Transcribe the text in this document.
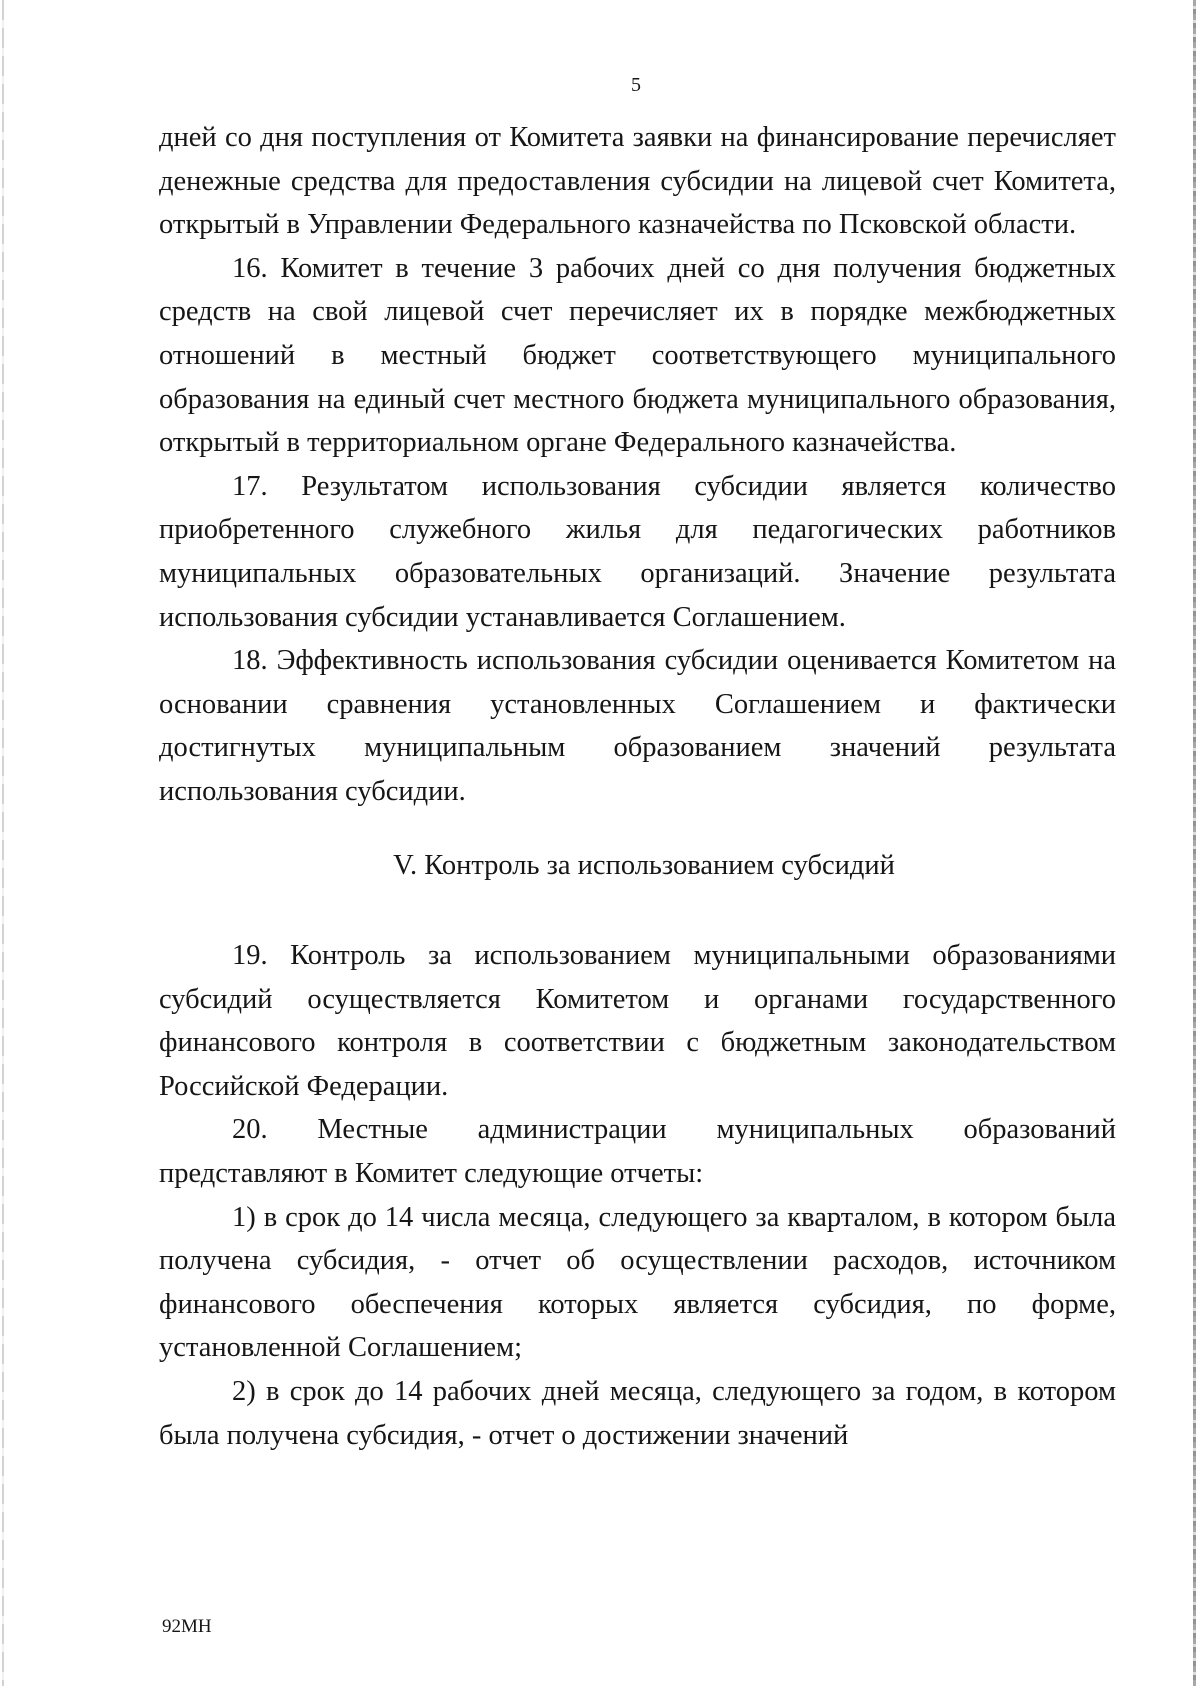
5

дней со дня поступления от Комитета заявки на финансирование перечисляет денежные средства для предоставления субсидии на лицевой счет Комитета, открытый в Управлении Федерального казначейства по Псковской области.

16. Комитет в течение 3 рабочих дней со дня получения бюджетных средств на свой лицевой счет перечисляет их в порядке межбюджетных отношений в местный бюджет соответствующего муниципального образования на единый счет местного бюджета муниципального образования, открытый в территориальном органе Федерального казначейства.

17. Результатом использования субсидии является количество приобретенного служебного жилья для педагогических работников муниципальных образовательных организаций. Значение результата использования субсидии устанавливается Соглашением.

18. Эффективность использования субсидии оценивается Комитетом на основании сравнения установленных Соглашением и фактически достигнутых муниципальным образованием значений результата использования субсидии.

V. Контроль за использованием субсидий

19. Контроль за использованием муниципальными образованиями субсидий осуществляется Комитетом и органами государственного финансового контроля в соответствии с бюджетным законодательством Российской Федерации.

20. Местные администрации муниципальных образований представляют в Комитет следующие отчеты:

1) в срок до 14 числа месяца, следующего за кварталом, в котором была получена субсидия, - отчет об осуществлении расходов, источником финансового обеспечения которых является субсидия, по форме, установленной Соглашением;

2) в срок до 14 рабочих дней месяца, следующего за годом, в котором была получена субсидия, - отчет о достижении значений

92МН
